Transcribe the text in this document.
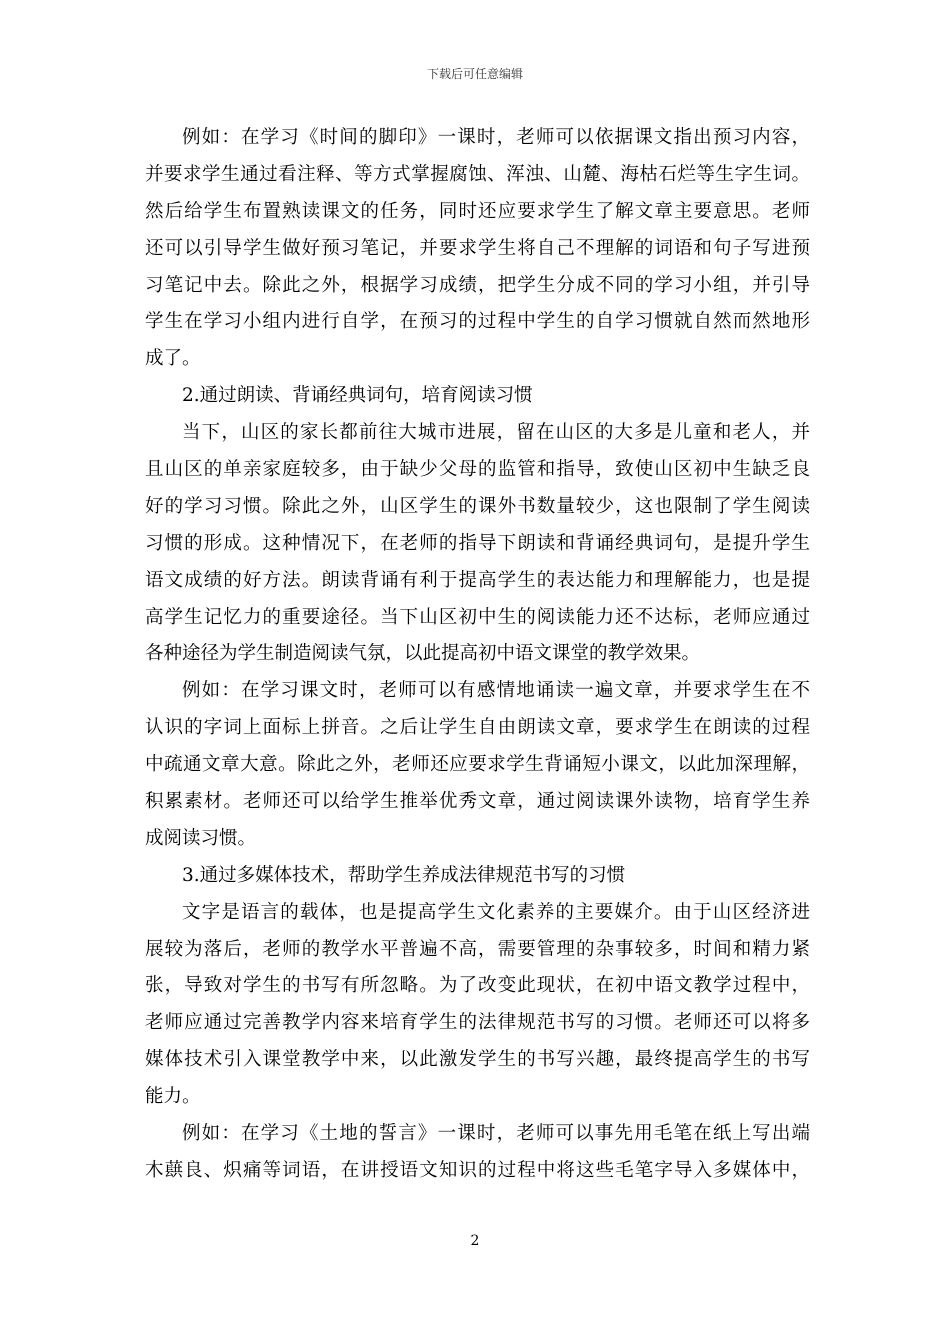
下载后可任意编辑
例如：在学习《时间的脚印》一课时，老师可以依据课文指出预习内容，
并要求学生通过看注释、等方式掌握腐蚀、浑浊、山麓、海枯石烂等生字生词。
然后给学生布置熟读课文的任务，同时还应要求学生了解文章主要意思。老师
还可以引导学生做好预习笔记，并要求学生将自己不理解的词语和句子写进预
习笔记中去。除此之外，根据学习成绩，把学生分成不同的学习小组，并引导
学生在学习小组内进行自学，在预习的过程中学生的自学习惯就自然而然地形
成了。
2.通过朗读、背诵经典词句，培育阅读习惯
当下，山区的家长都前往大城市进展，留在山区的大多是儿童和老人，并
且山区的单亲家庭较多，由于缺少父母的监管和指导，致使山区初中生缺乏良
好的学习习惯。除此之外，山区学生的课外书数量较少，这也限制了学生阅读
习惯的形成。这种情况下，在老师的指导下朗读和背诵经典词句，是提升学生
语文成绩的好方法。朗读背诵有利于提高学生的表达能力和理解能力，也是提
高学生记忆力的重要途径。当下山区初中生的阅读能力还不达标，老师应通过
各种途径为学生制造阅读气氛，以此提高初中语文课堂的教学效果。
例如：在学习课文时，老师可以有感情地诵读一遍文章，并要求学生在不
认识的字词上面标上拼音。之后让学生自由朗读文章，要求学生在朗读的过程
中疏通文章大意。除此之外，老师还应要求学生背诵短小课文，以此加深理解，
积累素材。老师还可以给学生推举优秀文章，通过阅读课外读物，培育学生养
成阅读习惯。
3.通过多媒体技术，帮助学生养成法律规范书写的习惯
文字是语言的载体，也是提高学生文化素养的主要媒介。由于山区经济进
展较为落后，老师的教学水平普遍不高，需要管理的杂事较多，时间和精力紧
张，导致对学生的书写有所忽略。为了改变此现状，在初中语文教学过程中，
老师应通过完善教学内容来培育学生的法律规范书写的习惯。老师还可以将多
媒体技术引入课堂教学中来，以此激发学生的书写兴趣，最终提高学生的书写
能力。
例如：在学习《土地的誓言》一课时，老师可以事先用毛笔在纸上写出端
木蕻良、炽痛等词语，在讲授语文知识的过程中将这些毛笔字导入多媒体中，
2
